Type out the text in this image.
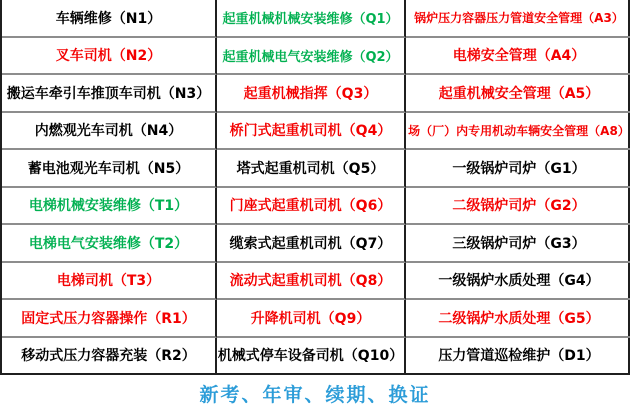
车辆维修（N1）	起重机械机械安装维修（Q1）	锅炉压力容器压力管道安全管理（A3）
叉车司机（N2）	起重机械电气安装维修（Q2）	电梯安全管理（A4）
搬运车牵引车推顶车司机（N3）	起重机械指挥（Q3）	起重机械安全管理（A5）
内燃观光车司机（N4）	桥门式起重机司机（Q4）	场（厂）内专用机动车辆安全管理（A8）
蓄电池观光车司机（N5）	塔式起重机司机（Q5）	一级锅炉司炉（G1）
电梯机械安装维修（T1）	门座式起重机司机（Q6）	二级锅炉司炉（G2）
电梯电气安装维修（T2）	缆索式起重机司机（Q7）	三级锅炉司炉（G3）
电梯司机（T3）	流动式起重机司机（Q8）	一级锅炉水质处理（G4）
固定式压力容器操作（R1）	升降机司机（Q9）	二级锅炉水质处理（G5）
移动式压力容器充装（R2）	机械式停车设备司机（Q10）	压力管道巡检维护（D1）
新考、年审、续期、换证
